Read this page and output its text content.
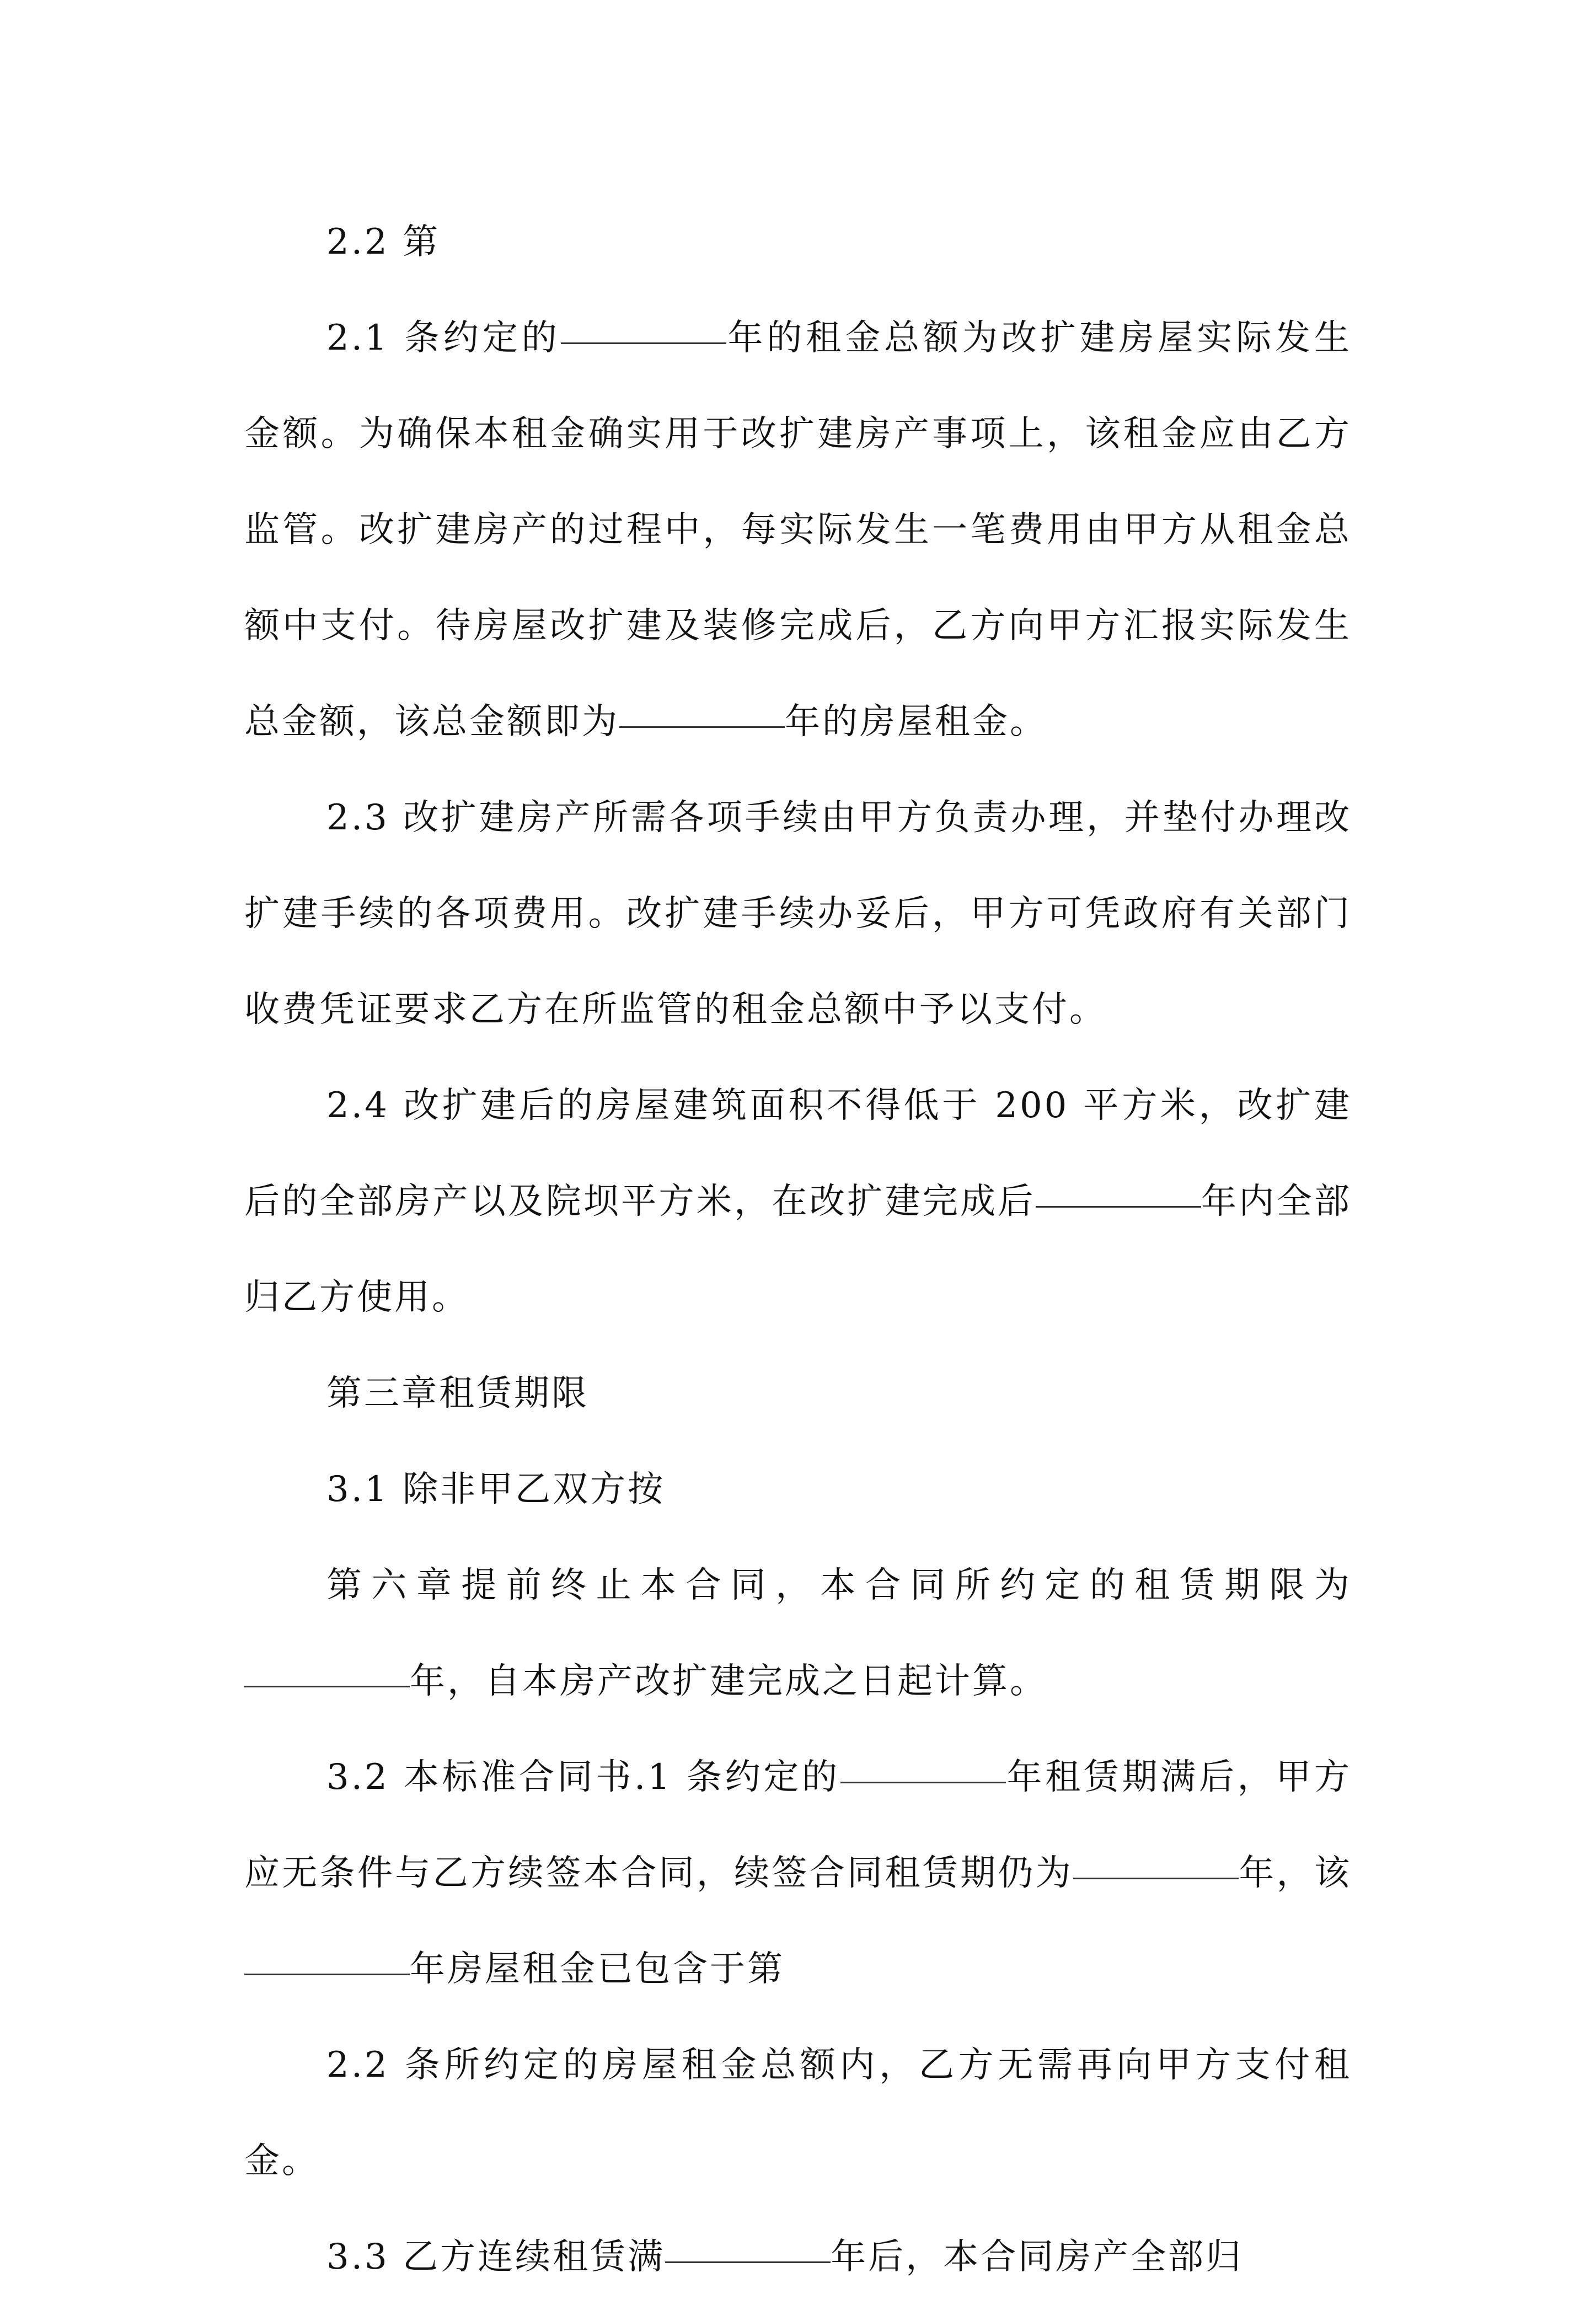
2.2 第

2.1 条约定的	年的租金总额为改扩建房屋实际发生金额。为确保本租金确实用于改扩建房产事项上，该租金应由乙方监管。改扩建房产的过程中，每实际发生一笔费用由甲方从租金总额中支付。待房屋改扩建及装修完成后，乙方向甲方汇报实际发生总金额，该总金额即为	年的房屋租金。

2.3 改扩建房产所需各项手续由甲方负责办理，并垫付办理改扩建手续的各项费用。改扩建手续办妥后，甲方可凭政府有关部门收费凭证要求乙方在所监管的租金总额中予以支付。

2.4 改扩建后的房屋建筑面积不得低于 200 平方米，改扩建后的全部房产以及院坝平方米，在改扩建完成后	年内全部归乙方使用。

第三章租赁期限

3.1 除非甲乙双方按

第六章提前终止本合同，本合同所约定的租赁期限为年，自本房产改扩建完成之日起计算。

3.2 本标准合同书.1 条约定的	年租赁期满后，甲方应无条件与乙方续签本合同，续签合同租赁期仍为	年，该年房屋租金已包含于第

2.2 条所约定的房屋租金总额内，乙方无需再向甲方支付租金。

3.3 乙方连续租赁满	年后，本合同房产全部归
